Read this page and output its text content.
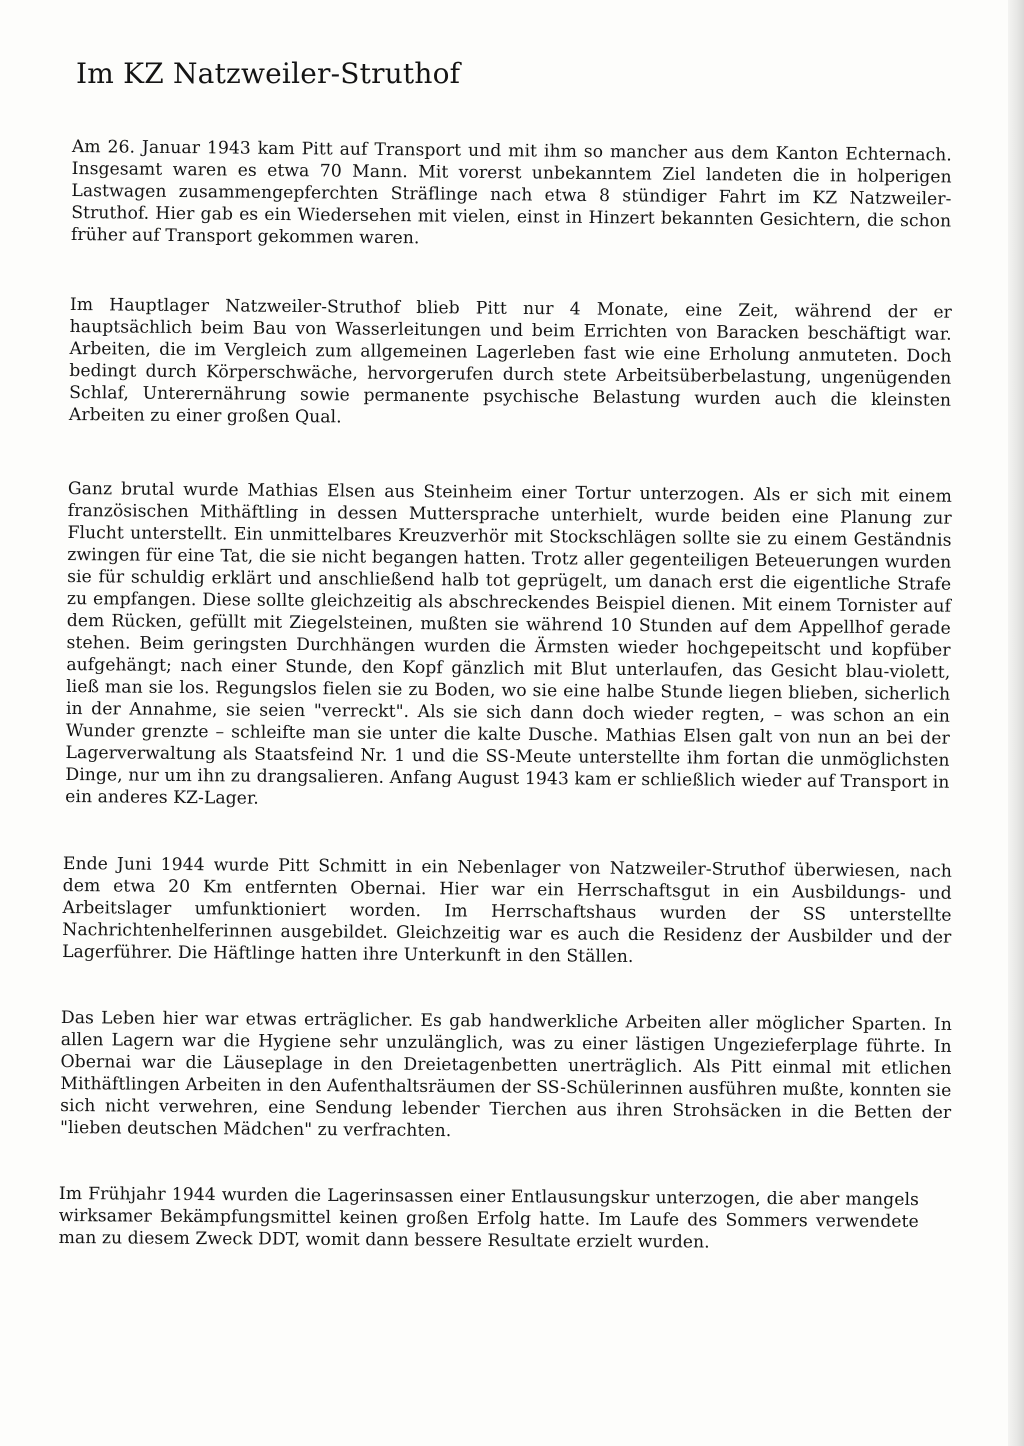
Im KZ Natzweiler-Struthof

Am 26. Januar 1943 kam Pitt auf Transport und mit ihm so mancher aus dem Kanton Echternach. Insgesamt waren es etwa 70 Mann. Mit vorerst unbekanntem Ziel landeten die in holperigen Lastwagen zusammengepferchten Sträflinge nach etwa 8 stündiger Fahrt im KZ Natzweiler-Struthof. Hier gab es ein Wiedersehen mit vielen, einst in Hinzert bekannten Gesichtern, die schon früher auf Transport gekommen waren.

Im Hauptlager Natzweiler-Struthof blieb Pitt nur 4 Monate, eine Zeit, während der er hauptsächlich beim Bau von Wasserleitungen und beim Errichten von Baracken beschäftigt war. Arbeiten, die im Vergleich zum allgemeinen Lagerleben fast wie eine Erholung anmuteten. Doch bedingt durch Körperschwäche, hervorgerufen durch stete Arbeitsüberbelastung, ungenügenden Schlaf, Unterernährung sowie permanente psychische Belastung wurden auch die kleinsten Arbeiten zu einer großen Qual.

Ganz brutal wurde Mathias Elsen aus Steinheim einer Tortur unterzogen. Als er sich mit einem französischen Mithäftling in dessen Muttersprache unterhielt, wurde beiden eine Planung zur Flucht unterstellt. Ein unmittelbares Kreuzverhör mit Stockschlägen sollte sie zu einem Geständnis zwingen für eine Tat, die sie nicht begangen hatten. Trotz aller gegenteiligen Beteuerungen wurden sie für schuldig erklärt und anschließend halb tot geprügelt, um danach erst die eigentliche Strafe zu empfangen. Diese sollte gleichzeitig als abschreckendes Beispiel dienen. Mit einem Tornister auf dem Rücken, gefüllt mit Ziegelsteinen, mußten sie während 10 Stunden auf dem Appellhof gerade stehen. Beim geringsten Durchhängen wurden die Ärmsten wieder hochgepeitscht und kopfüber aufgehängt; nach einer Stunde, den Kopf gänzlich mit Blut unterlaufen, das Gesicht blau-violett, ließ man sie los. Regungslos fielen sie zu Boden, wo sie eine halbe Stunde liegen blieben, sicherlich in der Annahme, sie seien "verreckt". Als sie sich dann doch wieder regten, – was schon an ein Wunder grenzte – schleifte man sie unter die kalte Dusche. Mathias Elsen galt von nun an bei der Lagerverwaltung als Staatsfeind Nr. 1 und die SS-Meute unterstellte ihm fortan die unmöglichsten Dinge, nur um ihn zu drangsalieren. Anfang August 1943 kam er schließlich wieder auf Transport in ein anderes KZ-Lager.

Ende Juni 1944 wurde Pitt Schmitt in ein Nebenlager von Natzweiler-Struthof überwiesen, nach dem etwa 20 Km entfernten Obernai. Hier war ein Herrschaftsgut in ein Ausbildungs- und Arbeitslager umfunktioniert worden. Im Herrschaftshaus wurden der SS unterstellte Nachrichtenhelferinnen ausgebildet. Gleichzeitig war es auch die Residenz der Ausbilder und der Lagerführer. Die Häftlinge hatten ihre Unterkunft in den Ställen.

Das Leben hier war etwas erträglicher. Es gab handwerkliche Arbeiten aller möglicher Sparten. In allen Lagern war die Hygiene sehr unzulänglich, was zu einer lästigen Ungezieferplage führte. In Obernai war die Läuseplage in den Dreietagenbetten unerträglich. Als Pitt einmal mit etlichen Mithäftlingen Arbeiten in den Aufenthaltsräumen der SS-Schülerinnen ausführen mußte, konnten sie sich nicht verwehren, eine Sendung lebender Tierchen aus ihren Strohsäcken in die Betten der "lieben deutschen Mädchen" zu verfrachten.

Im Frühjahr 1944 wurden die Lagerinsassen einer Entlausungskur unterzogen, die aber mangels wirksamer Bekämpfungsmittel keinen großen Erfolg hatte. Im Laufe des Sommers verwendete man zu diesem Zweck DDT, womit dann bessere Resultate erzielt wurden.
